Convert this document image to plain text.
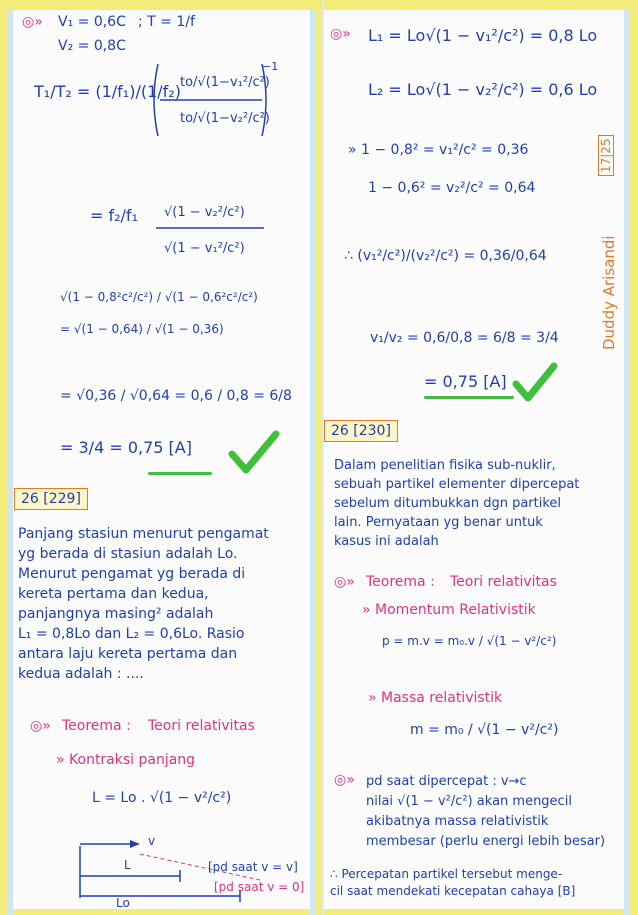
◎» V₁ = 0,6C ; T = 1/f
V₂ = 0,8C
T₁/T₂ = (1/f₁)/(1/f₂) to/√(1−v₁²/c²)
to/√(1−v₂²/c²)
−1
= f₂/f₁ √(1 − v₂²/c²)
√(1 − v₁²/c²)
√(1 − 0,8²c²/c²) / √(1 − 0,6²c²/c²)
= √(1 − 0,64) / √(1 − 0,36)
= √0,36 / √0,64 = 0,6 / 0,8 = 6/8
= 3/4 = 0,75 [A]
26 [229]
Panjang stasiun menurut pengamat
yg berada di stasiun adalah Lo.
Menurut pengamat yg berada di
kereta pertama dan kedua,
panjangnya masing² adalah
L₁ = 0,8Lo dan L₂ = 0,6Lo. Rasio
antara laju kereta pertama dan
kedua adalah : ....
◎» Teorema : Teori relativitas
» Kontraksi panjang
L = Lo . √(1 − v²/c²)
v
L
Lo
[pd saat v = v]
[pd saat v = 0]
◎» L₁ = Lo√(1 − v₁²/c²) = 0,8 Lo
L₂ = Lo√(1 − v₂²/c²) = 0,6 Lo
» 1 − 0,8² = v₁²/c² = 0,36
1 − 0,6² = v₂²/c² = 0,64
∴ (v₁²/c²)/(v₂²/c²) = 0,36/0,64
v₁/v₂ = 0,6/0,8 = 6/8 = 3/4
= 0,75 [A]
26 [230]
Dalam penelitian fisika sub-nuklir,
sebuah partikel elementer dipercepat
sebelum ditumbukkan dgn partikel
lain. Pernyataan yg benar untuk
kasus ini adalah
◎» Teorema : Teori relativitas
» Momentum Relativistik
p = m.v = m₀.v / √(1 − v²/c²)
» Massa relativistik
m = m₀ / √(1 − v²/c²)
◎» pd saat dipercepat : v→c
nilai √(1 − v²/c²) akan mengecil
akibatnya massa relativistik
membesar (perlu energi lebih besar)
∴ Percepatan partikel tersebut menge-
cil saat mendekati kecepatan cahaya [B]
Duddy Arisandi
17|25
